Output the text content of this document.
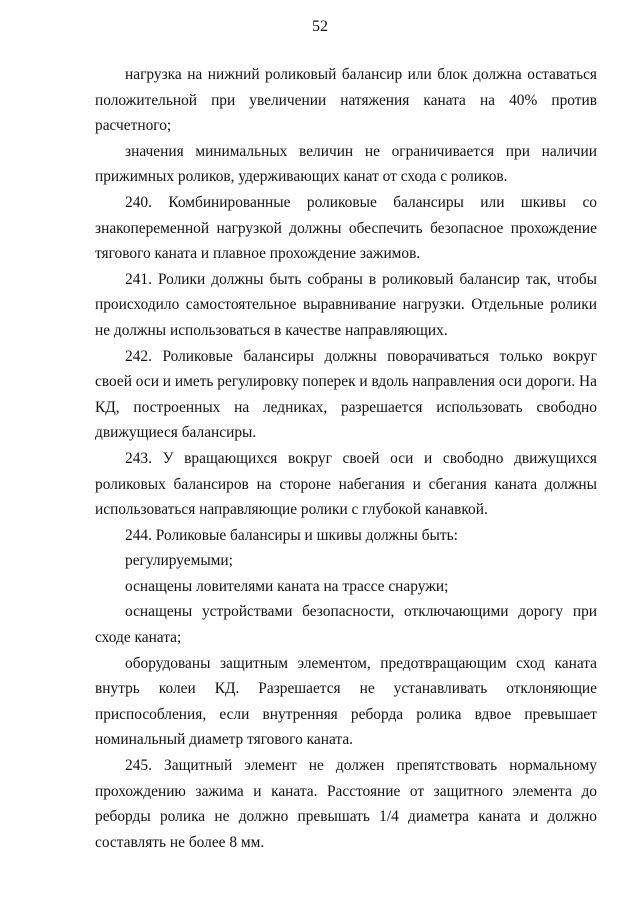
52

нагрузка на нижний роликовый балансир или блок должна оставаться положительной при увеличении натяжения каната на 40% против расчетного;

значения минимальных величин не ограничивается при наличии прижимных роликов, удерживающих канат от схода с роликов.

240. Комбинированные роликовые балансиры или шкивы со знакопеременной нагрузкой должны обеспечить безопасное прохождение тягового каната и плавное прохождение зажимов.

241. Ролики должны быть собраны в роликовый балансир так, чтобы происходило самостоятельное выравнивание нагрузки. Отдельные ролики не должны использоваться в качестве направляющих.

242. Роликовые балансиры должны поворачиваться только вокруг своей оси и иметь регулировку поперек и вдоль направления оси дороги. На КД, построенных на ледниках, разрешается использовать свободно движущиеся балансиры.

243. У вращающихся вокруг своей оси и свободно движущихся роликовых балансиров на стороне набегания и сбегания каната должны использоваться направляющие ролики с глубокой канавкой.

244. Роликовые балансиры и шкивы должны быть:

регулируемыми;

оснащены ловителями каната на трассе снаружи;

оснащены устройствами безопасности, отключающими дорогу при сходе каната;

оборудованы защитным элементом, предотвращающим сход каната внутрь колеи КД. Разрешается не устанавливать отклоняющие приспособления, если внутренняя реборда ролика вдвое превышает номинальный диаметр тягового каната.

245. Защитный элемент не должен препятствовать нормальному прохождению зажима и каната. Расстояние от защитного элемента до реборды ролика не должно превышать 1/4 диаметра каната и должно составлять не более 8 мм.
